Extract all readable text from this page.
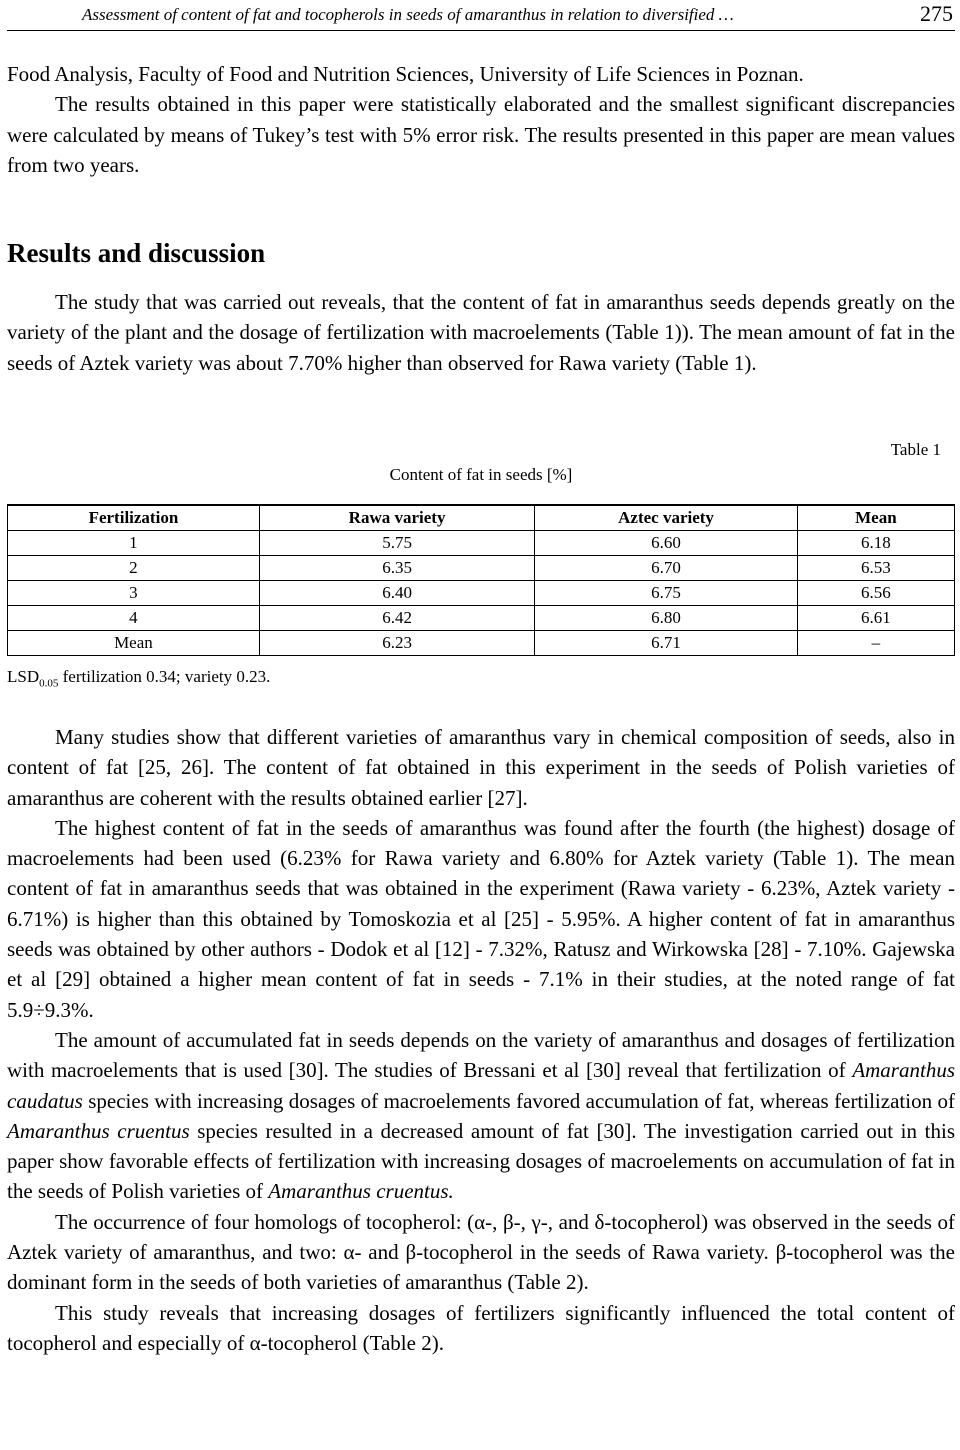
Assessment of content of fat and tocopherols in seeds of amaranthus in relation to diversified …	275

Food Analysis, Faculty of Food and Nutrition Sciences, University of Life Sciences in Poznan.

The results obtained in this paper were statistically elaborated and the smallest significant discrepancies were calculated by means of Tukey’s test with 5% error risk. The results presented in this paper are mean values from two years.

Results and discussion

The study that was carried out reveals, that the content of fat in amaranthus seeds depends greatly on the variety of the plant and the dosage of fertilization with macroelements (Table 1)). The mean amount of fat in the seeds of Aztek variety was about 7.70% higher than observed for Rawa variety (Table 1).

Table 1
Content of fat in seeds [%]
Fertilization	Rawa variety	Aztec variety	Mean
1	5.75	6.60	6.18
2	6.35	6.70	6.53
3	6.40	6.75	6.56
4	6.42	6.80	6.61
Mean	6.23	6.71	–
$LSD_{0.05}$ fertilization 0.34; variety 0.23.

Many studies show that different varieties of amaranthus vary in chemical composition of seeds, also in content of fat [25, 26]. The content of fat obtained in this experiment in the seeds of Polish varieties of amaranthus are coherent with the results obtained earlier [27].

The highest content of fat in the seeds of amaranthus was found after the fourth (the highest) dosage of macroelements had been used (6.23% for Rawa variety and 6.80% for Aztek variety (Table 1). The mean content of fat in amaranthus seeds that was obtained in the experiment (Rawa variety - 6.23%, Aztek variety - 6.71%) is higher than this obtained by Tomoskozia et al [25] - 5.95%. A higher content of fat in amaranthus seeds was obtained by other authors - Dodok et al [12] - 7.32%, Ratusz and Wirkowska [28] - 7.10%. Gajewska et al [29] obtained a higher mean content of fat in seeds - 7.1% in their studies, at the noted range of fat 5.9÷9.3%.

The amount of accumulated fat in seeds depends on the variety of amaranthus and dosages of fertilization with macroelements that is used [30]. The studies of Bressani et al [30] reveal that fertilization of Amaranthus caudatus species with increasing dosages of macroelements favored accumulation of fat, whereas fertilization of Amaranthus cruentus species resulted in a decreased amount of fat [30]. The investigation carried out in this paper show favorable effects of fertilization with increasing dosages of macroelements on accumulation of fat in the seeds of Polish varieties of Amaranthus cruentus.

The occurrence of four homologs of tocopherol: (α-, β-, γ-, and δ-tocopherol) was observed in the seeds of Aztek variety of amaranthus, and two: α- and β-tocopherol in the seeds of Rawa variety. β-tocopherol was the dominant form in the seeds of both varieties of amaranthus (Table 2).

This study reveals that increasing dosages of fertilizers significantly influenced the total content of tocopherol and especially of α-tocopherol (Table 2).
